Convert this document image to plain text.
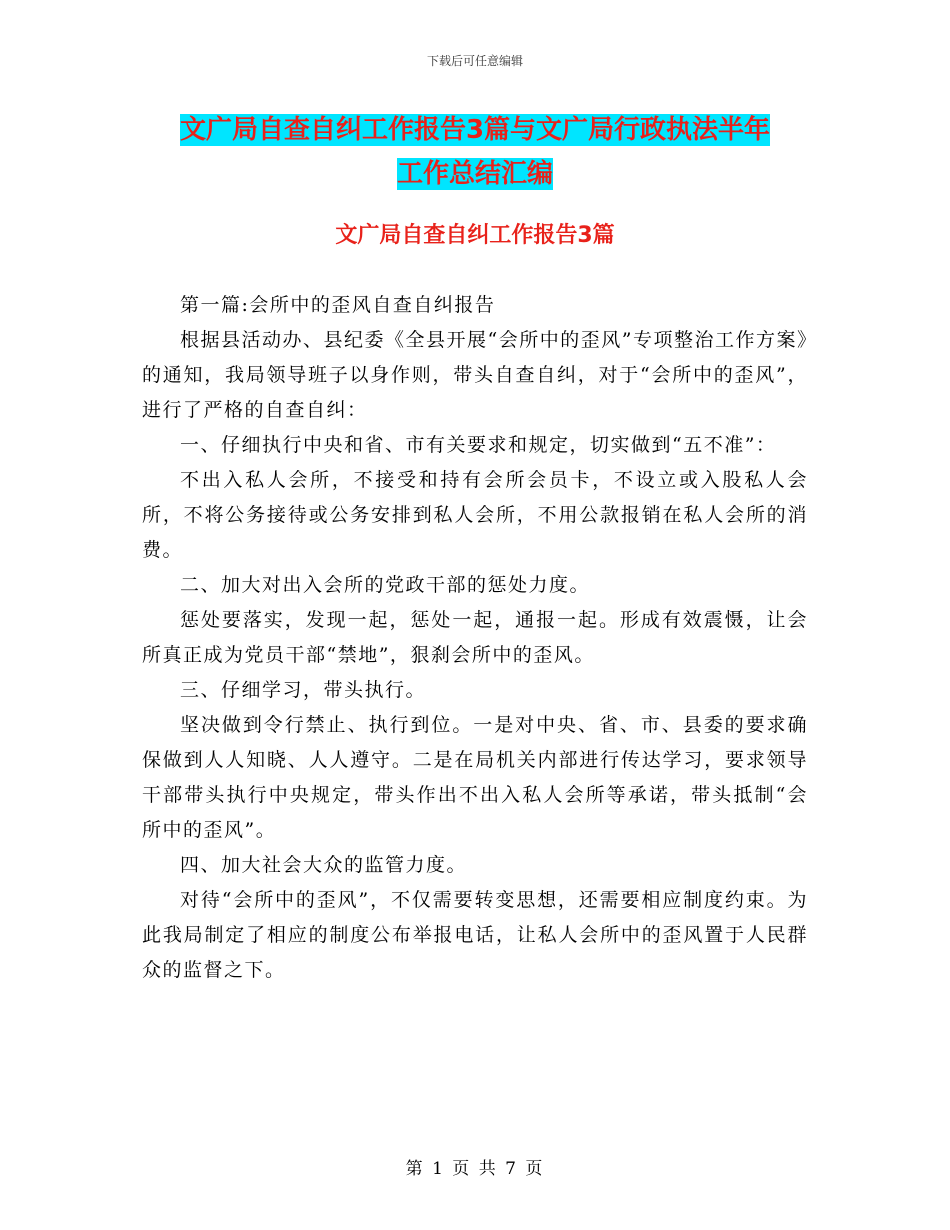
下载后可任意编辑
文广局自查自纠工作报告3篇与文广局行政执法半年
工作总结汇编
文广局自查自纠工作报告3篇

第一篇:会所中的歪风自查自纠报告

根据县活动办、县纪委《全县开展“会所中的歪风”专项整治工作方案》的通知，我局领导班子以身作则，带头自查自纠，对于“会所中的歪风”，进行了严格的自查自纠：

一、仔细执行中央和省、市有关要求和规定，切实做到“五不准”：

不出入私人会所，不接受和持有会所会员卡，不设立或入股私人会所，不将公务接待或公务安排到私人会所，不用公款报销在私人会所的消费。

二、加大对出入会所的党政干部的惩处力度。

惩处要落实，发现一起，惩处一起，通报一起。形成有效震慑，让会所真正成为党员干部“禁地”，狠刹会所中的歪风。

三、仔细学习，带头执行。

坚决做到令行禁止、执行到位。一是对中央、省、市、县委的要求确保做到人人知晓、人人遵守。二是在局机关内部进行传达学习，要求领导干部带头执行中央规定，带头作出不出入私人会所等承诺，带头抵制“会所中的歪风”。

四、加大社会大众的监管力度。

对待“会所中的歪风”，不仅需要转变思想，还需要相应制度约束。为此我局制定了相应的制度公布举报电话，让私人会所中的歪风置于人民群众的监督之下。

第 1 页 共 7 页
